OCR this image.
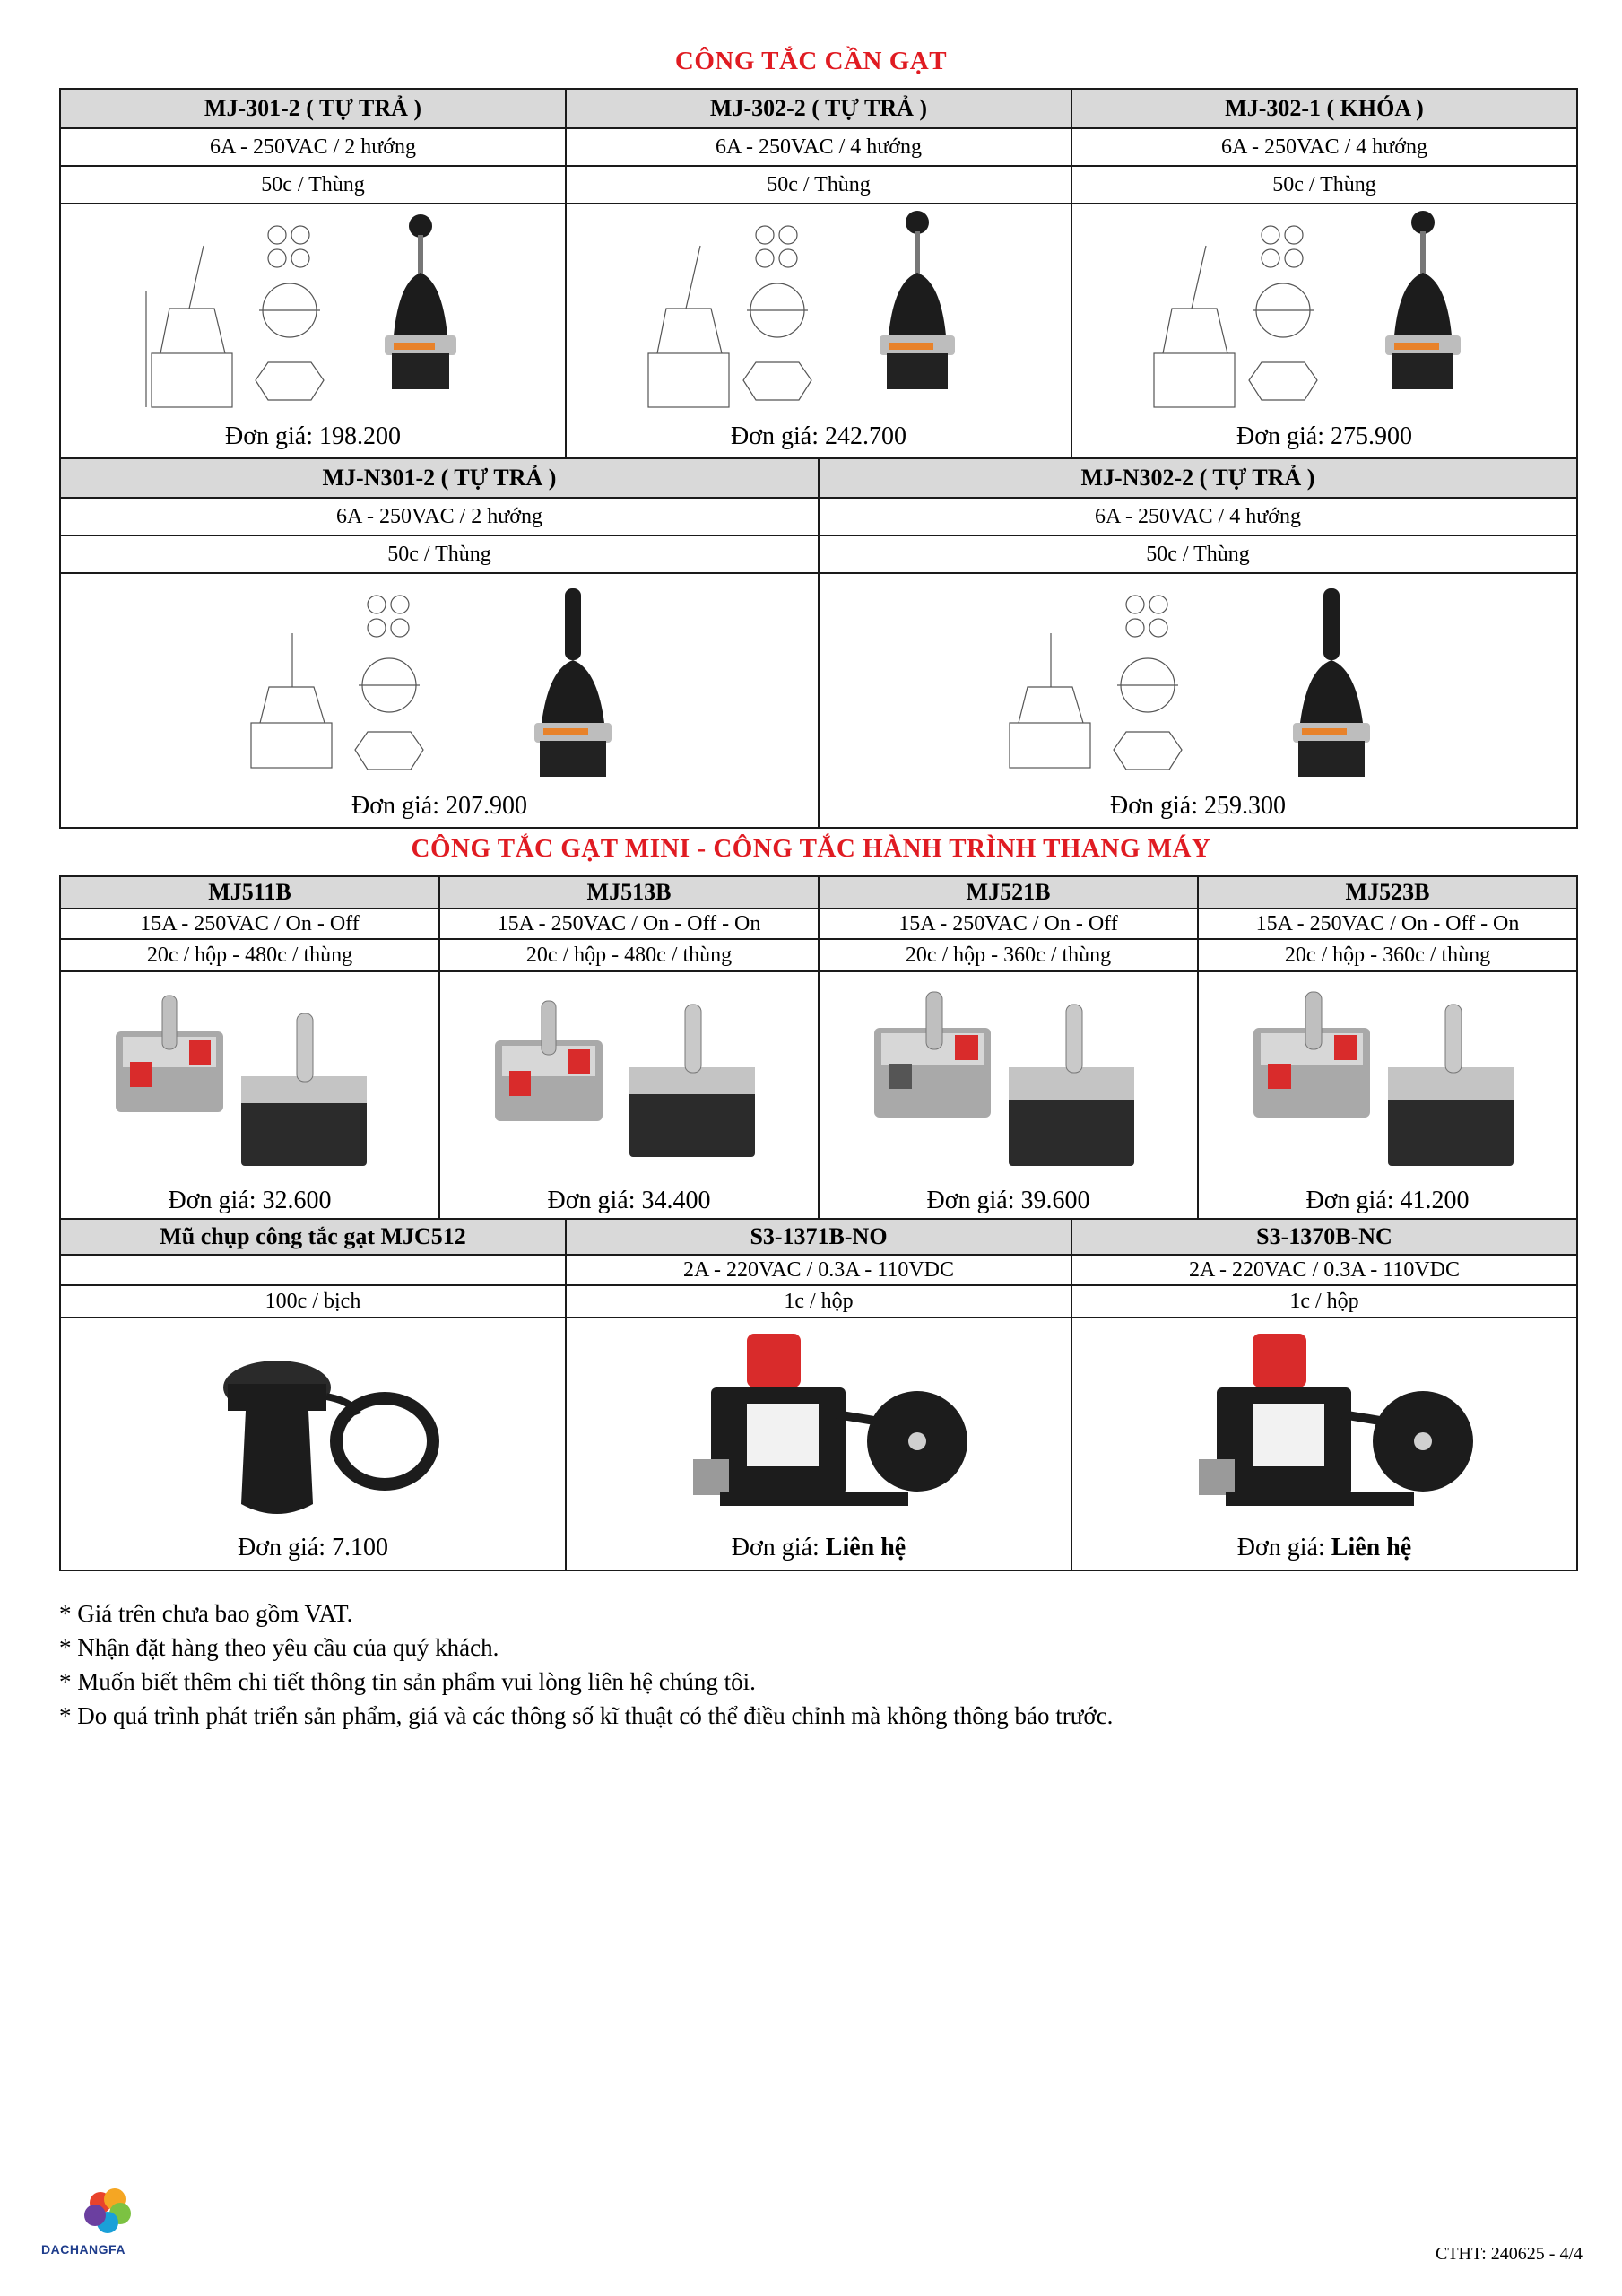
CÔNG TẮC CẦN GẠT
MJ-301-2 ( TỰ TRẢ )	MJ-302-2 ( TỰ TRẢ )	MJ-302-1 ( KHÓA )
6A - 250VAC / 2 hướng	6A - 250VAC / 4 hướng	6A - 250VAC / 4 hướng
50c / Thùng	50c / Thùng	50c / Thùng

Đơn giá: 198.200	Đơn giá: 242.700	Đơn giá: 275.900
MJ-N301-2 ( TỰ TRẢ )	MJ-N302-2 ( TỰ TRẢ )
6A - 250VAC / 2 hướng	6A - 250VAC / 4 hướng
50c / Thùng	50c / Thùng

Đơn giá: 207.900	Đơn giá: 259.300
CÔNG TẮC GẠT MINI - CÔNG TẮC HÀNH TRÌNH THANG MÁY
MJ511B	MJ513B	MJ521B	MJ523B
15A - 250VAC / On - Off	15A - 250VAC / On - Off - On	15A - 250VAC / On - Off	15A - 250VAC / On - Off - On
20c / hộp - 480c / thùng	20c / hộp - 480c / thùng	20c / hộp - 360c / thùng	20c / hộp - 360c / thùng

Đơn giá: 32.600	Đơn giá: 34.400	Đơn giá: 39.600	Đơn giá: 41.200
Mũ chụp công tắc gạt MJC512	S3-1371B-NO	S3-1370B-NC
	2A - 220VAC / 0.3A - 110VDC	2A - 220VAC / 0.3A - 110VDC
100c / bịch	1c / hộp	1c / hộp

Đơn giá: 7.100	Đơn giá: Liên hệ	Đơn giá: Liên hệ
* Giá trên chưa bao gồm VAT.
* Nhận đặt hàng theo yêu cầu của quý khách.
* Muốn biết thêm chi tiết thông tin sản phẩm vui lòng liên hệ chúng tôi.
* Do quá trình phát triển sản phẩm, giá và các thông số kĩ thuật có thể điều chỉnh mà không thông báo trước.
DACHANGFA	CTHT: 240625 - 4/4
